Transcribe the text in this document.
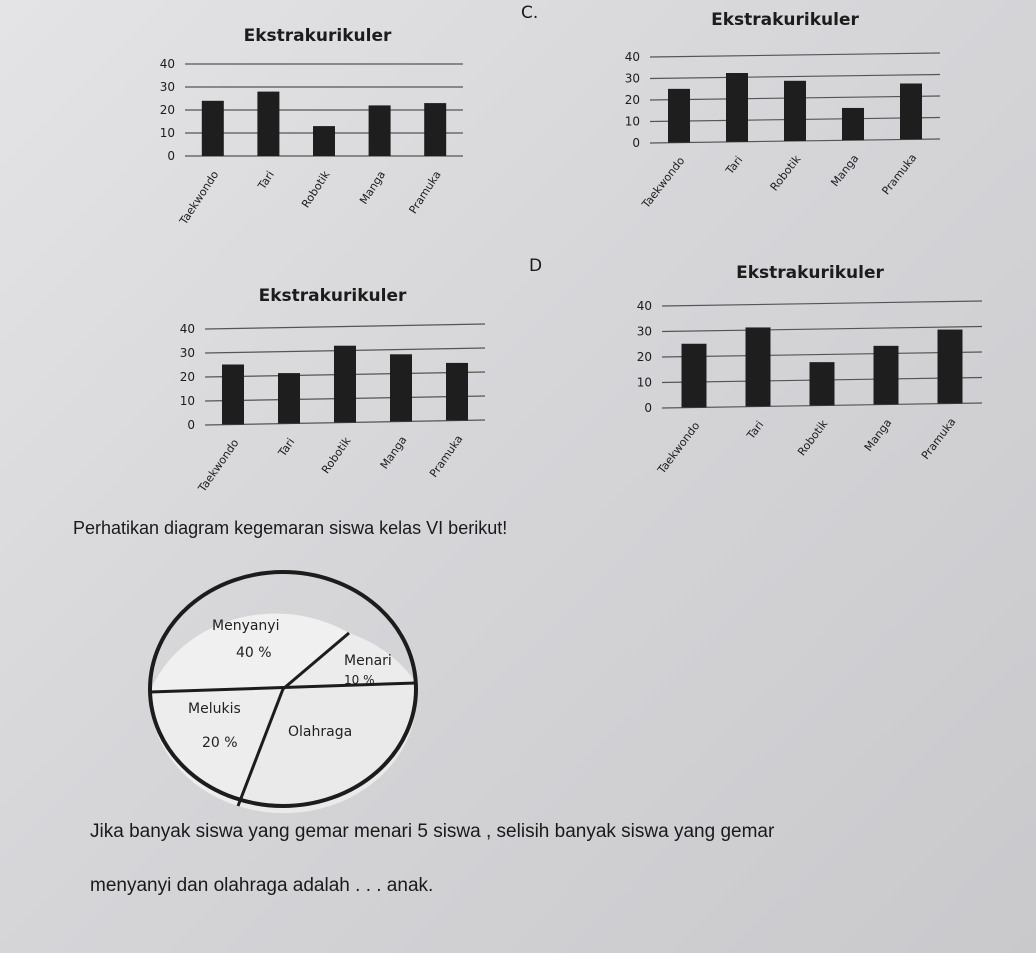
C.
D
Ekstrakurikuler
0
10
20
30
40
Taekwondo	Tari Robotik Manga Pramuka
Ekstrakurikuler
0
10
20
30
40
Taekwondo	Tari Robotik Manga Pramuka
Ekstrakurikuler
0
10
20
30
40
Taekwondo	Tari Robotik Manga Pramuka
Ekstrakurikuler
0
10
20
30
40
Taekwondo	Tari	Robotik	Manga Pramuka
Perhatikan diagram kegemaran siswa kelas VI berikut!
Menyanyi
40 %	Menari
10 %
Melukis
20 %
Olahraga
Jika banyak siswa yang gemar menari 5 siswa , selisih banyak siswa yang gemar
menyanyi dan olahraga adalah . . . anak.
